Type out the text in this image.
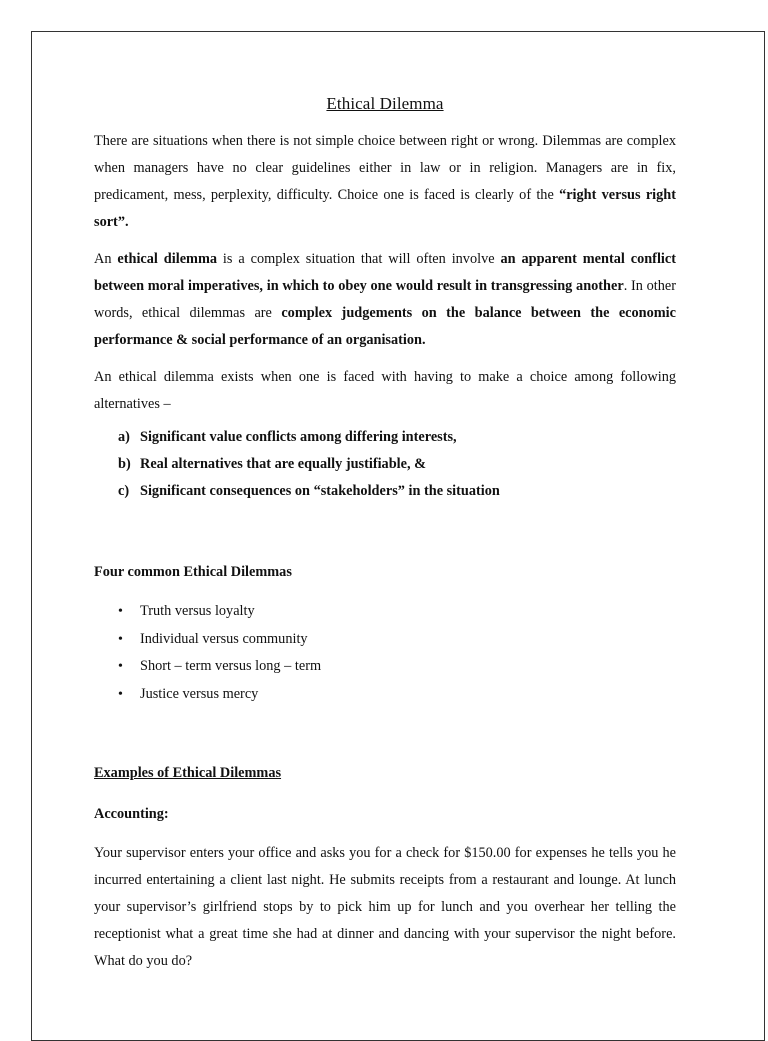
Ethical Dilemma

There are situations when there is not simple choice between right or wrong. Dilemmas are complex when managers have no clear guidelines either in law or in religion. Managers are in fix, predicament, mess, perplexity, difficulty. Choice one is faced is clearly of the “right versus right sort”.

An ethical dilemma is a complex situation that will often involve an apparent mental conflict between moral imperatives, in which to obey one would result in transgressing another. In other words, ethical dilemmas are complex judgements on the balance between the economic performance & social performance of an organisation.

An ethical dilemma exists when one is faced with having to make a choice among following alternatives –

a) Significant value conflicts among differing interests,
b) Real alternatives that are equally justifiable, &
c) Significant consequences on “stakeholders” in the situation
Four common Ethical Dilemmas
•	Truth versus loyalty
•	Individual versus community
•	Short – term versus long – term
•	Justice versus mercy
Examples of Ethical Dilemmas
Accounting:

Your supervisor enters your office and asks you for a check for $150.00 for expenses he tells you he incurred entertaining a client last night. He submits receipts from a restaurant and lounge. At lunch your supervisor’s girlfriend stops by to pick him up for lunch and you overhear her telling the receptionist what a great time she had at dinner and dancing with your supervisor the night before. What do you do?
